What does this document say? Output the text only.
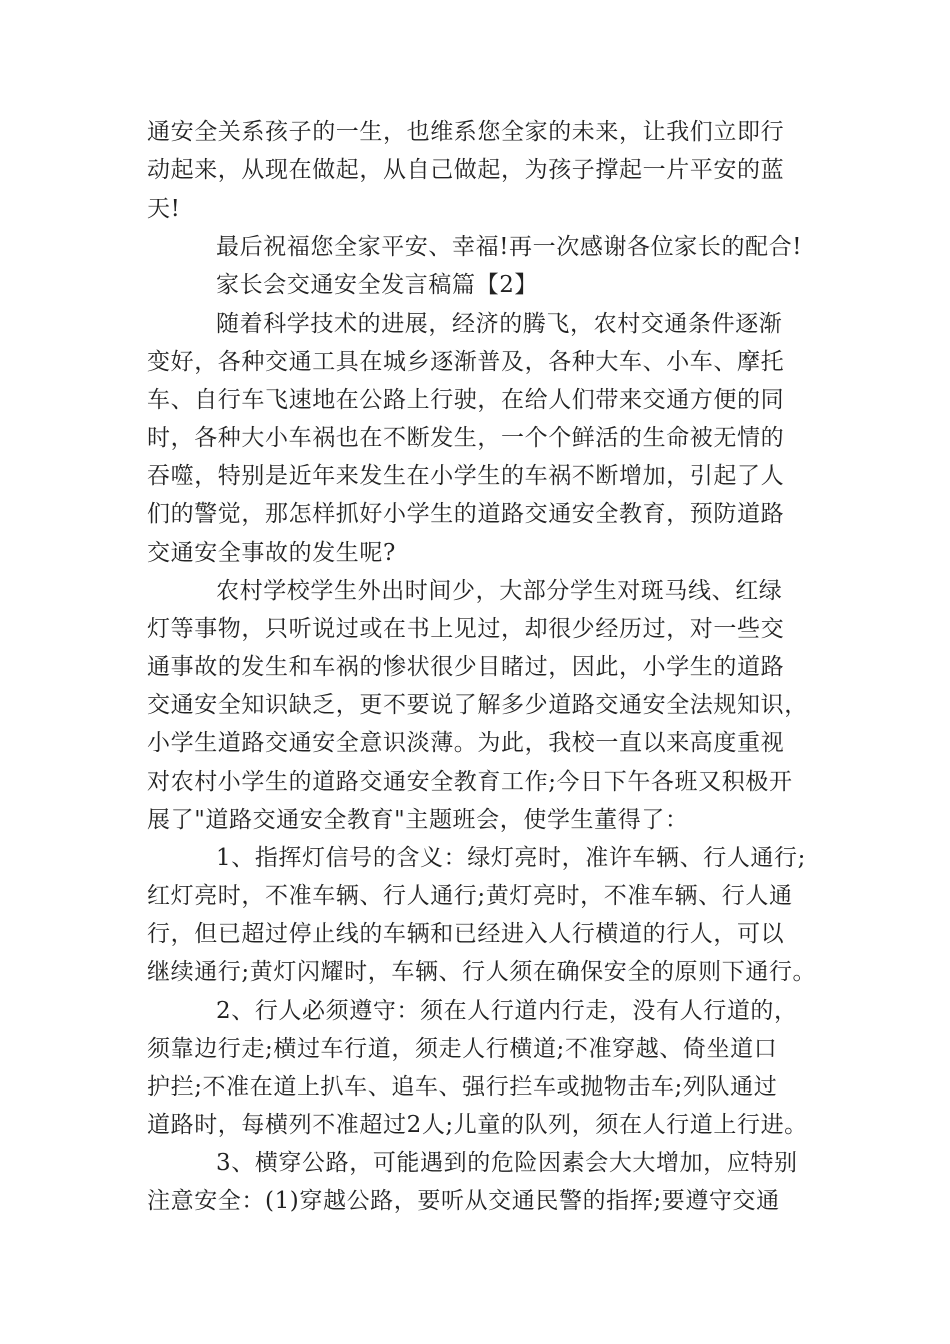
通安全关系孩子的一生，也维系您全家的未来，让我们立即行
动起来，从现在做起，从自己做起，为孩子撑起一片平安的蓝
天!
最后祝福您全家平安、幸福!再一次感谢各位家长的配合!
家长会交通安全发言稿篇【2】
随着科学技术的进展，经济的腾飞，农村交通条件逐渐
变好，各种交通工具在城乡逐渐普及，各种大车、小车、摩托
车、自行车飞速地在公路上行驶，在给人们带来交通方便的同
时，各种大小车祸也在不断发生，一个个鲜活的生命被无情的
吞噬，特别是近年来发生在小学生的车祸不断增加，引起了人
们的警觉，那怎样抓好小学生的道路交通安全教育，预防道路
交通安全事故的发生呢?
农村学校学生外出时间少，大部分学生对斑马线、红绿
灯等事物，只听说过或在书上见过，却很少经历过，对一些交
通事故的发生和车祸的惨状很少目睹过，因此，小学生的道路
交通安全知识缺乏，更不要说了解多少道路交通安全法规知识，
小学生道路交通安全意识淡薄。为此，我校一直以来高度重视
对农村小学生的道路交通安全教育工作;今日下午各班又积极开
展了"道路交通安全教育"主题班会，使学生董得了：
1、指挥灯信号的含义：绿灯亮时，准许车辆、行人通行;
红灯亮时，不准车辆、行人通行;黄灯亮时，不准车辆、行人通
行，但已超过停止线的车辆和已经进入人行横道的行人，可以
继续通行;黄灯闪耀时，车辆、行人须在确保安全的原则下通行。
2、行人必须遵守：须在人行道内行走，没有人行道的，
须靠边行走;横过车行道，须走人行横道;不准穿越、倚坐道口
护拦;不准在道上扒车、追车、强行拦车或抛物击车;列队通过
道路时，每横列不准超过2人;儿童的队列，须在人行道上行进。
3、横穿公路，可能遇到的危险因素会大大增加，应特别
注意安全：(1)穿越公路，要听从交通民警的指挥;要遵守交通
